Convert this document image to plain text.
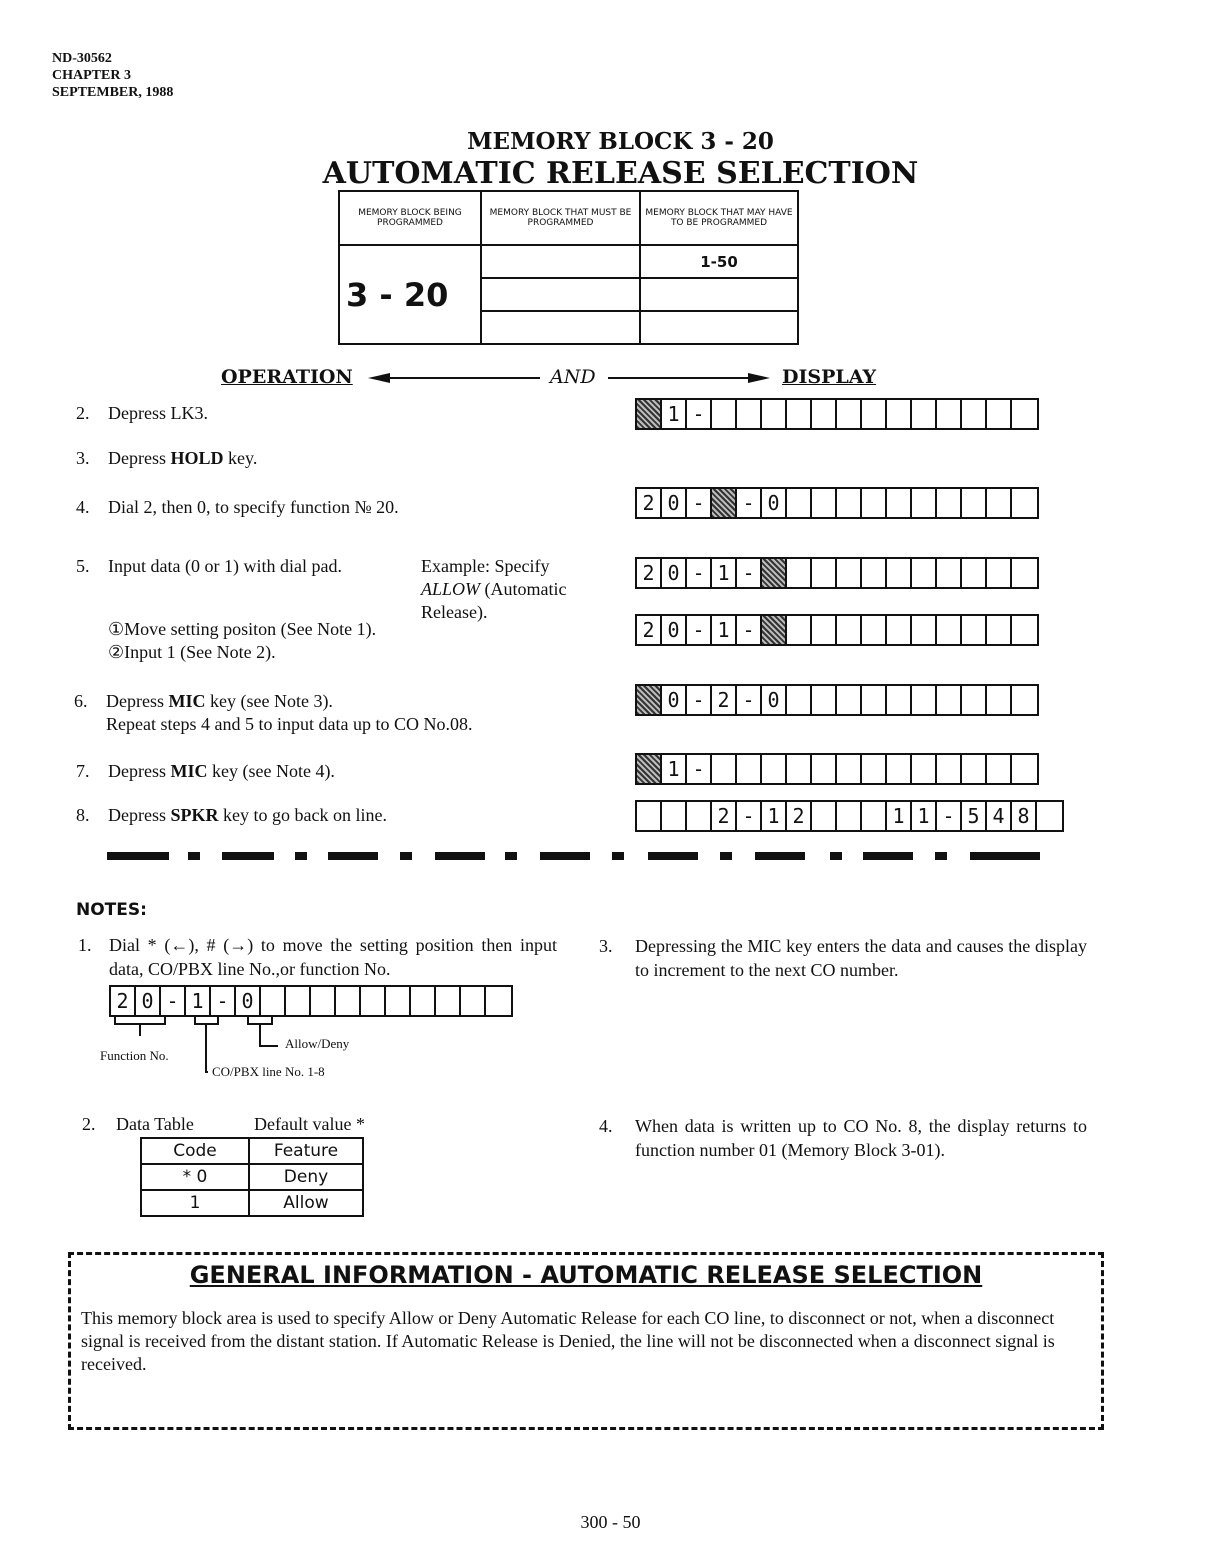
ND-30562
CHAPTER 3
SEPTEMBER, 1988
MEMORY BLOCK 3 - 20
AUTOMATIC RELEASE SELECTION
MEMORY BLOCK BEING PROGRAMMED	MEMORY BLOCK THAT MUST BE PROGRAMMED	MEMORY BLOCK THAT MAY HAVE TO BE PROGRAMMED
3 - 20		1-50

OPERATION	AND	DISPLAY
2. Depress LK3.
3. Depress HOLD key.
4. Dial 2, then 0, to specify function № 20.
5. Input data (0 or 1) with dial pad.	Example: Specify
ALLOW (Automatic
Release).
①Move setting positon (See Note 1).
②Input 1 (See Note 2).
6. Depress MIC key (see Note 3).
Repeat steps 4 and 5 to input data up to CO No.08.
7. Depress MIC key (see Note 4).
8. Depress SPKR key to go back on line.
1 -
2 0 -	- 0
2 0 - 1 -
2 0 - 1 -
0 - 2 - 0
1 -
2 - 1 2	1 1 - 5 4 8
NOTES:
1. Dial * (←), # (→) to move the setting position then input data, CO/PBX line No.,or function No.
2 0 - 1 - 0
Allow/Deny
Function No.
CO/PBX line No. 1-8
2. Data Table	Default value *
Code	Feature
* 0	Deny
1	Allow
3. Depressing the MIC key enters the data and causes the display to increment to the next CO number.
4. When data is written up to CO No. 8, the display returns to function number 01 (Memory Block 3-01).
GENERAL INFORMATION - AUTOMATIC RELEASE SELECTION
This memory block area is used to specify Allow or Deny Automatic Release for each CO line, to disconnect or not, when a disconnect signal is received from the distant station. If Automatic Release is Denied, the line will not be disconnected when a disconnect signal is received.
300 - 50
